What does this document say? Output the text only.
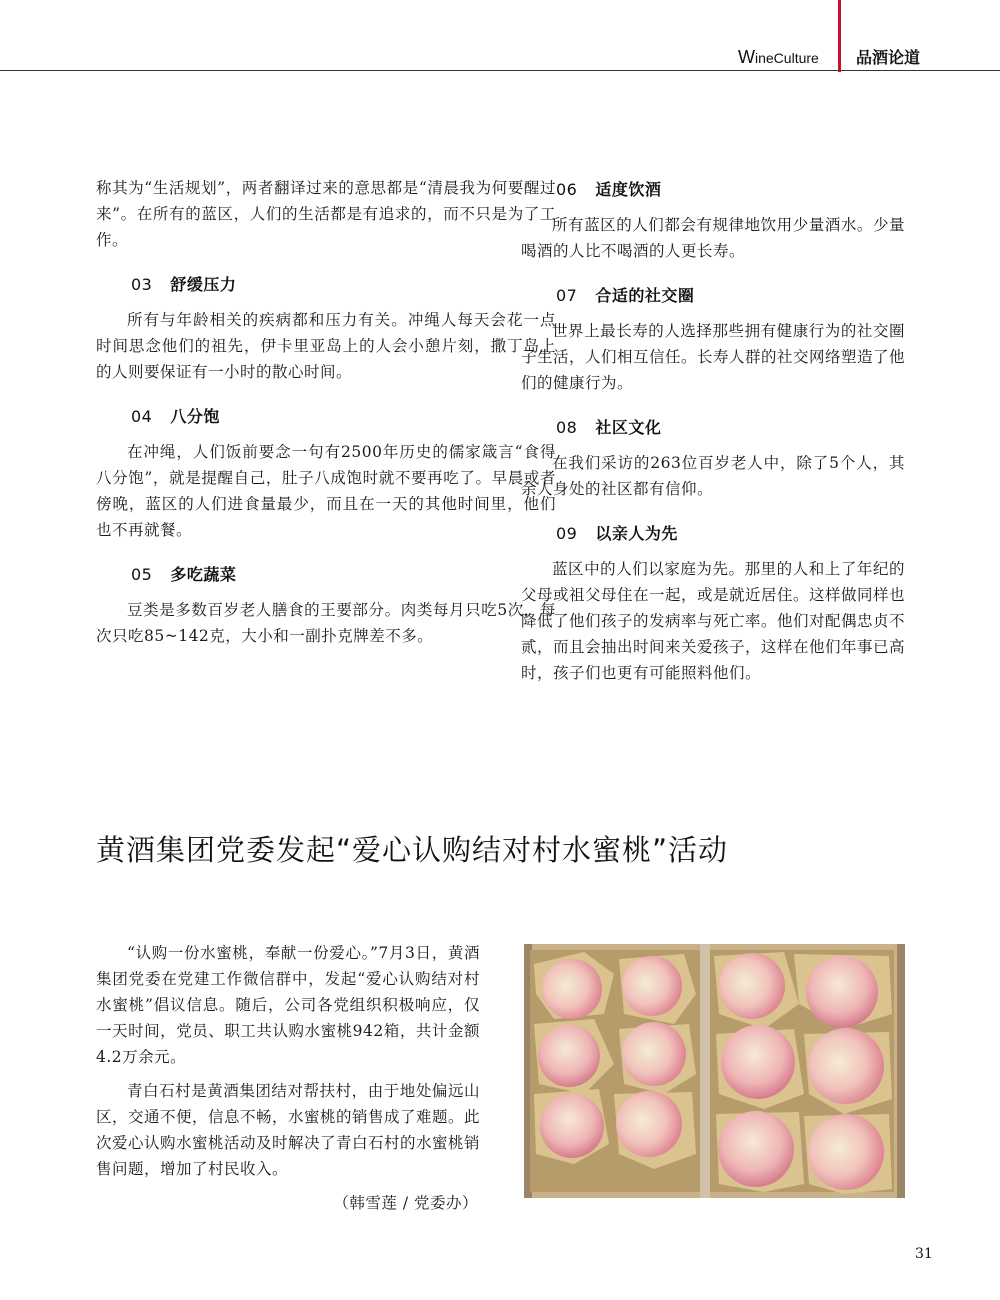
WineCulture 品酒论道

称其为“生活规划”，两者翻译过来的意思都是“清晨我为何要醒过来”。在所有的蓝区，人们的生活都是有追求的，而不只是为了工作。

03 舒缓压力

所有与年龄相关的疾病都和压力有关。冲绳人每天会花一点时间思念他们的祖先，伊卡里亚岛上的人会小憩片刻，撒丁岛上的人则要保证有一小时的散心时间。

04 八分饱

在冲绳，人们饭前要念一句有2500年历史的儒家箴言“食得八分饱”，就是提醒自己，肚子八成饱时就不要再吃了。早晨或者傍晚，蓝区的人们进食量最少，而且在一天的其他时间里，他们也不再就餐。

05 多吃蔬菜

豆类是多数百岁老人膳食的王要部分。肉类每月只吃5次，每次只吃85~142克，大小和一副扑克牌差不多。

06 适度饮酒

所有蓝区的人们都会有规律地饮用少量酒水。少量喝酒的人比不喝酒的人更长寿。

07 合适的社交圈

世界上最长寿的人选择那些拥有健康行为的社交圈子生活，人们相互信任。长寿人群的社交网络塑造了他们的健康行为。

08 社区文化

在我们采访的263位百岁老人中，除了5个人，其余人身处的社区都有信仰。

09 以亲人为先

蓝区中的人们以家庭为先。那里的人和上了年纪的父母或祖父母住在一起，或是就近居住。这样做同样也降低了他们孩子的发病率与死亡率。他们对配偶忠贞不贰，而且会抽出时间来关爱孩子，这样在他们年事已高时，孩子们也更有可能照料他们。

黄酒集团党委发起“爱心认购结对村水蜜桃”活动

“认购一份水蜜桃，奉献一份爱心。”7月3日，黄酒集团党委在党建工作微信群中，发起“爱心认购结对村水蜜桃”倡议信息。随后，公司各党组织积极响应，仅一天时间，党员、职工共认购水蜜桃942箱，共计金额4.2万余元。

青白石村是黄酒集团结对帮扶村，由于地处偏远山区，交通不便，信息不畅，水蜜桃的销售成了难题。此次爱心认购水蜜桃活动及时解决了青白石村的水蜜桃销售问题，增加了村民收入。

（韩雪莲 / 党委办）

31
